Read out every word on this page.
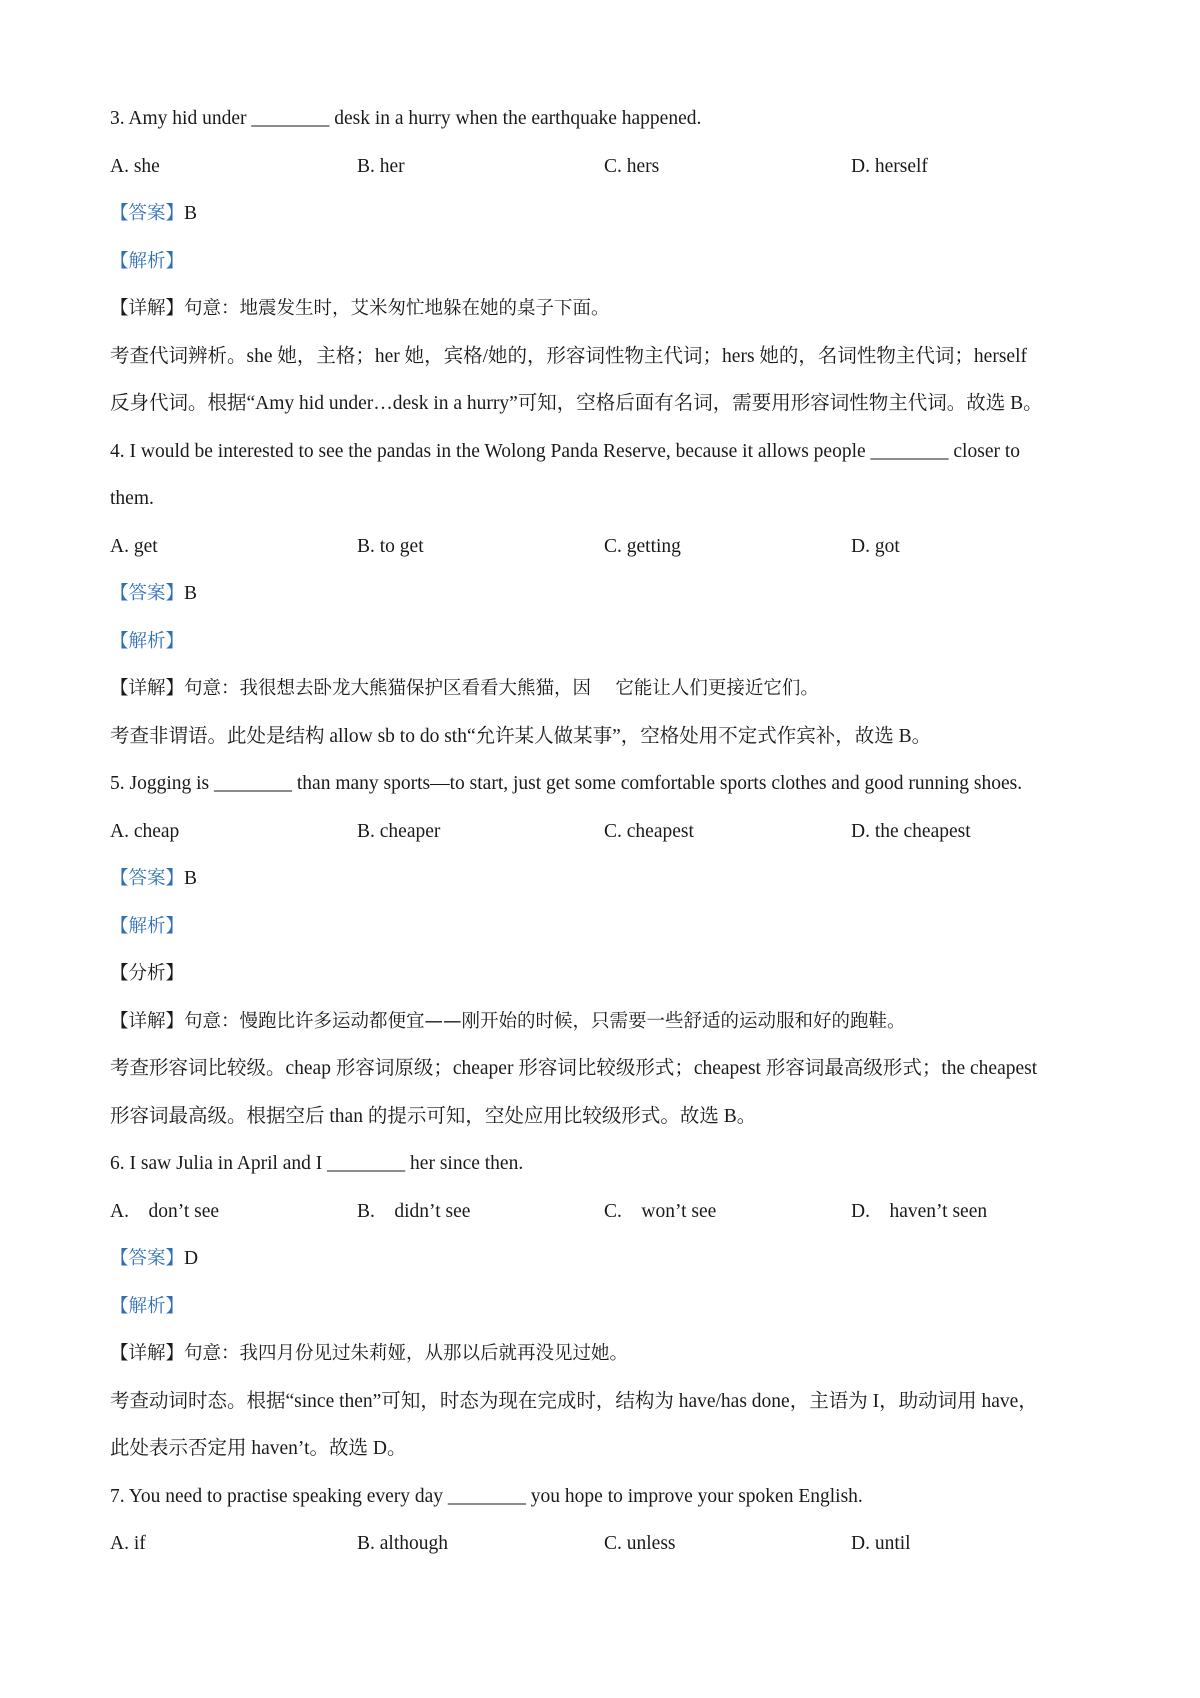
3. Amy hid under ________ desk in a hurry when the earthquake happened.
A. she	B. her	C. hers	D. herself
【答案】B
【解析】
【详解】句意：地震发生时，艾米匆忙地躲在她的桌子下面。
考查代词辨析。she 她，主格；her 她，宾格/她的，形容词性物主代词；hers 她的，名词性物主代词；herself
反身代词。根据“Amy hid under…desk in a hurry”可知，空格后面有名词，需要用形容词性物主代词。故选 B。
4. I would be interested to see the pandas in the Wolong Panda Reserve, because it allows people ________ closer to
them.
A. get	B. to get	C. getting	D. got
【答案】B
【解析】
【详解】句意：我很想去卧龙大熊猫保护区看看大熊猫，因　 它能让人们更接近它们。
考查非谓语。此处是结构 allow sb to do sth“允许某人做某事”，空格处用不定式作宾补，故选 B。
5. Jogging is ________ than many sports—to start, just get some comfortable sports clothes and good running shoes.
A. cheap	B. cheaper	C. cheapest	D. the cheapest
【答案】B
【解析】
【分析】
【详解】句意：慢跑比许多运动都便宜——刚开始的时候，只需要一些舒适的运动服和好的跑鞋。
考查形容词比较级。cheap 形容词原级；cheaper 形容词比较级形式；cheapest 形容词最高级形式；the cheapest
形容词最高级。根据空后 than 的提示可知，空处应用比较级形式。故选 B。
6. I saw Julia in April and I ________ her since then.
A.　don’t see	B.　didn’t see	C.　won’t see	D.　haven’t seen
【答案】D
【解析】
【详解】句意：我四月份见过朱莉娅，从那以后就再没见过她。
考查动词时态。根据“since then”可知，时态为现在完成时，结构为 have/has done，主语为 I，助动词用 have，
此处表示否定用 haven’t。故选 D。
7. You need to practise speaking every day ________ you hope to improve your spoken English.
A. if	B. although	C. unless	D. until
